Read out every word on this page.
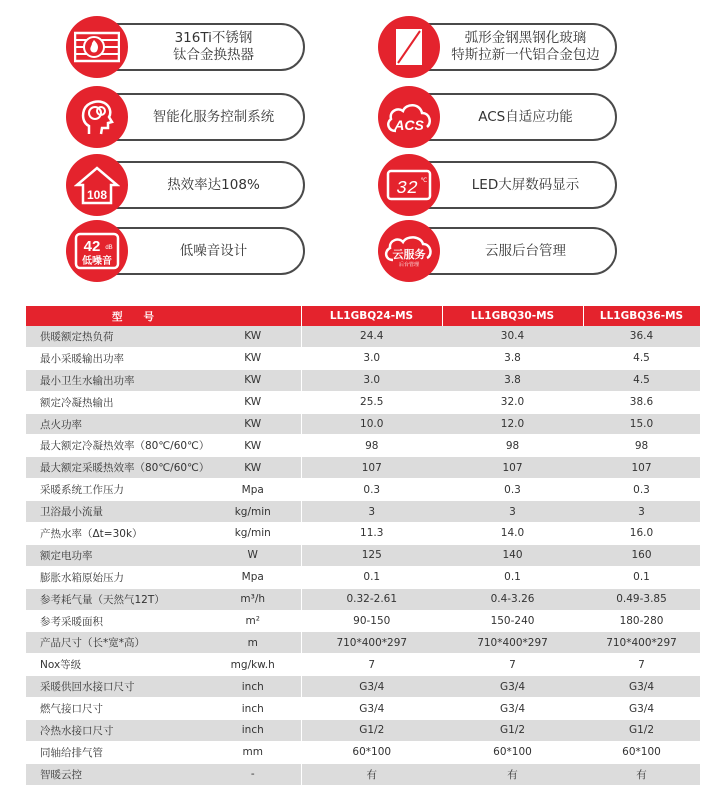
316Ti不锈钢
钛合金换热器
弧形金钢黑钢化玻璃
特斯拉新一代铝合金包边
智能化服务控制系统	ACS自适应功能
ACS
热效率达108%
108
LED大屏数码显示
32 ℃
低噪音设计
42 dB
低噪音
云服后台管理
云服务
后台管理
型　　号		LL1GBQ24-MS	LL1GBQ30-MS	LL1GBQ36-MS
供暖额定热负荷	KW	24.4	30.4	36.4
最小采暖输出功率	KW	3.0	3.8	4.5
最小卫生水输出功率	KW	3.0	3.8	4.5
额定冷凝热输出	KW	25.5	32.0	38.6
点火功率	KW	10.0	12.0	15.0
最大额定冷凝热效率（80℃/60℃）	KW	98	98	98
最大额定采暖热效率（80℃/60℃）	KW	107	107	107
采暖系统工作压力	Mpa	0.3	0.3	0.3
卫浴最小流量	kg/min	3	3	3
产热水率（Δt=30k）	kg/min	11.3	14.0	16.0
额定电功率	W	125	140	160
膨胀水箱原始压力	Mpa	0.1	0.1	0.1
参考耗气量（天然气12T）	m³/h	0.32-2.61	0.4-3.26	0.49-3.85
参考采暖面积	m²	90-150	150-240	180-280
产品尺寸（长*宽*高）	m	710*400*297	710*400*297	710*400*297
Nox等级	mg/kw.h	7	7	7
采暖供回水接口尺寸	inch	G3/4	G3/4	G3/4
燃气接口尺寸	inch	G3/4	G3/4	G3/4
冷热水接口尺寸	inch	G1/2	G1/2	G1/2
同轴给排气管	mm	60*100	60*100	60*100
智暖云控	-	有	有	有
